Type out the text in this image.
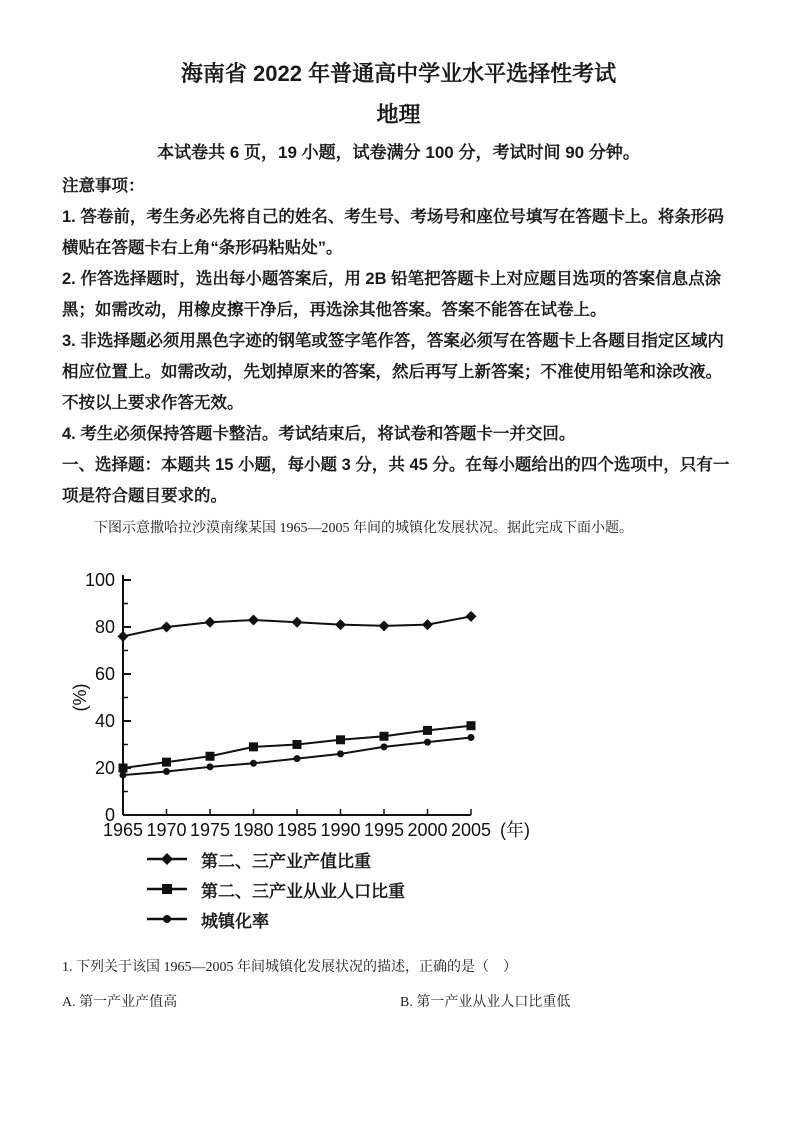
海南省 2022 年普通高中学业水平选择性考试
地理
本试卷共 6 页，19 小题，试卷满分 100 分，考试时间 90 分钟。
注意事项：

1. 答卷前，考生务必先将自己的姓名、考生号、考场号和座位号填写在答题卡上。将条形码
横贴在答题卡右上角“条形码粘贴处”。

2. 作答选择题时，选出每小题答案后，用 2B 铅笔把答题卡上对应题目选项的答案信息点涂
黑；如需改动，用橡皮擦干净后，再选涂其他答案。答案不能答在试卷上。

3. 非选择题必须用黑色字迹的钢笔或签字笔作答，答案必须写在答题卡上各题目指定区域内
相应位置上。如需改动，先划掉原来的答案，然后再写上新答案；不准使用铅笔和涂改液。
不按以上要求作答无效。

4. 考生必须保持答题卡整洁。考试结束后，将试卷和答题卡一并交回。

一、选择题：本题共 15 小题，每小题 3 分，共 45 分。在每小题给出的四个选项中，只有一
项是符合题目要求的。

下图示意撒哈拉沙漠南缘某国 1965—2005 年间的城镇化发展状况。据此完成下面小题。

0
20
40
60
80
100
1965 1970 1975 1980 1985 1990 1995 2000 2005 (年)
(%)
第二、三产业产值比重
第二、三产业从业人口比重
城镇化率

1. 下列关于该国 1965—2005 年间城镇化发展状况的描述，正确的是（    ）

A. 第一产业产值高	B. 第一产业从业人口比重低
